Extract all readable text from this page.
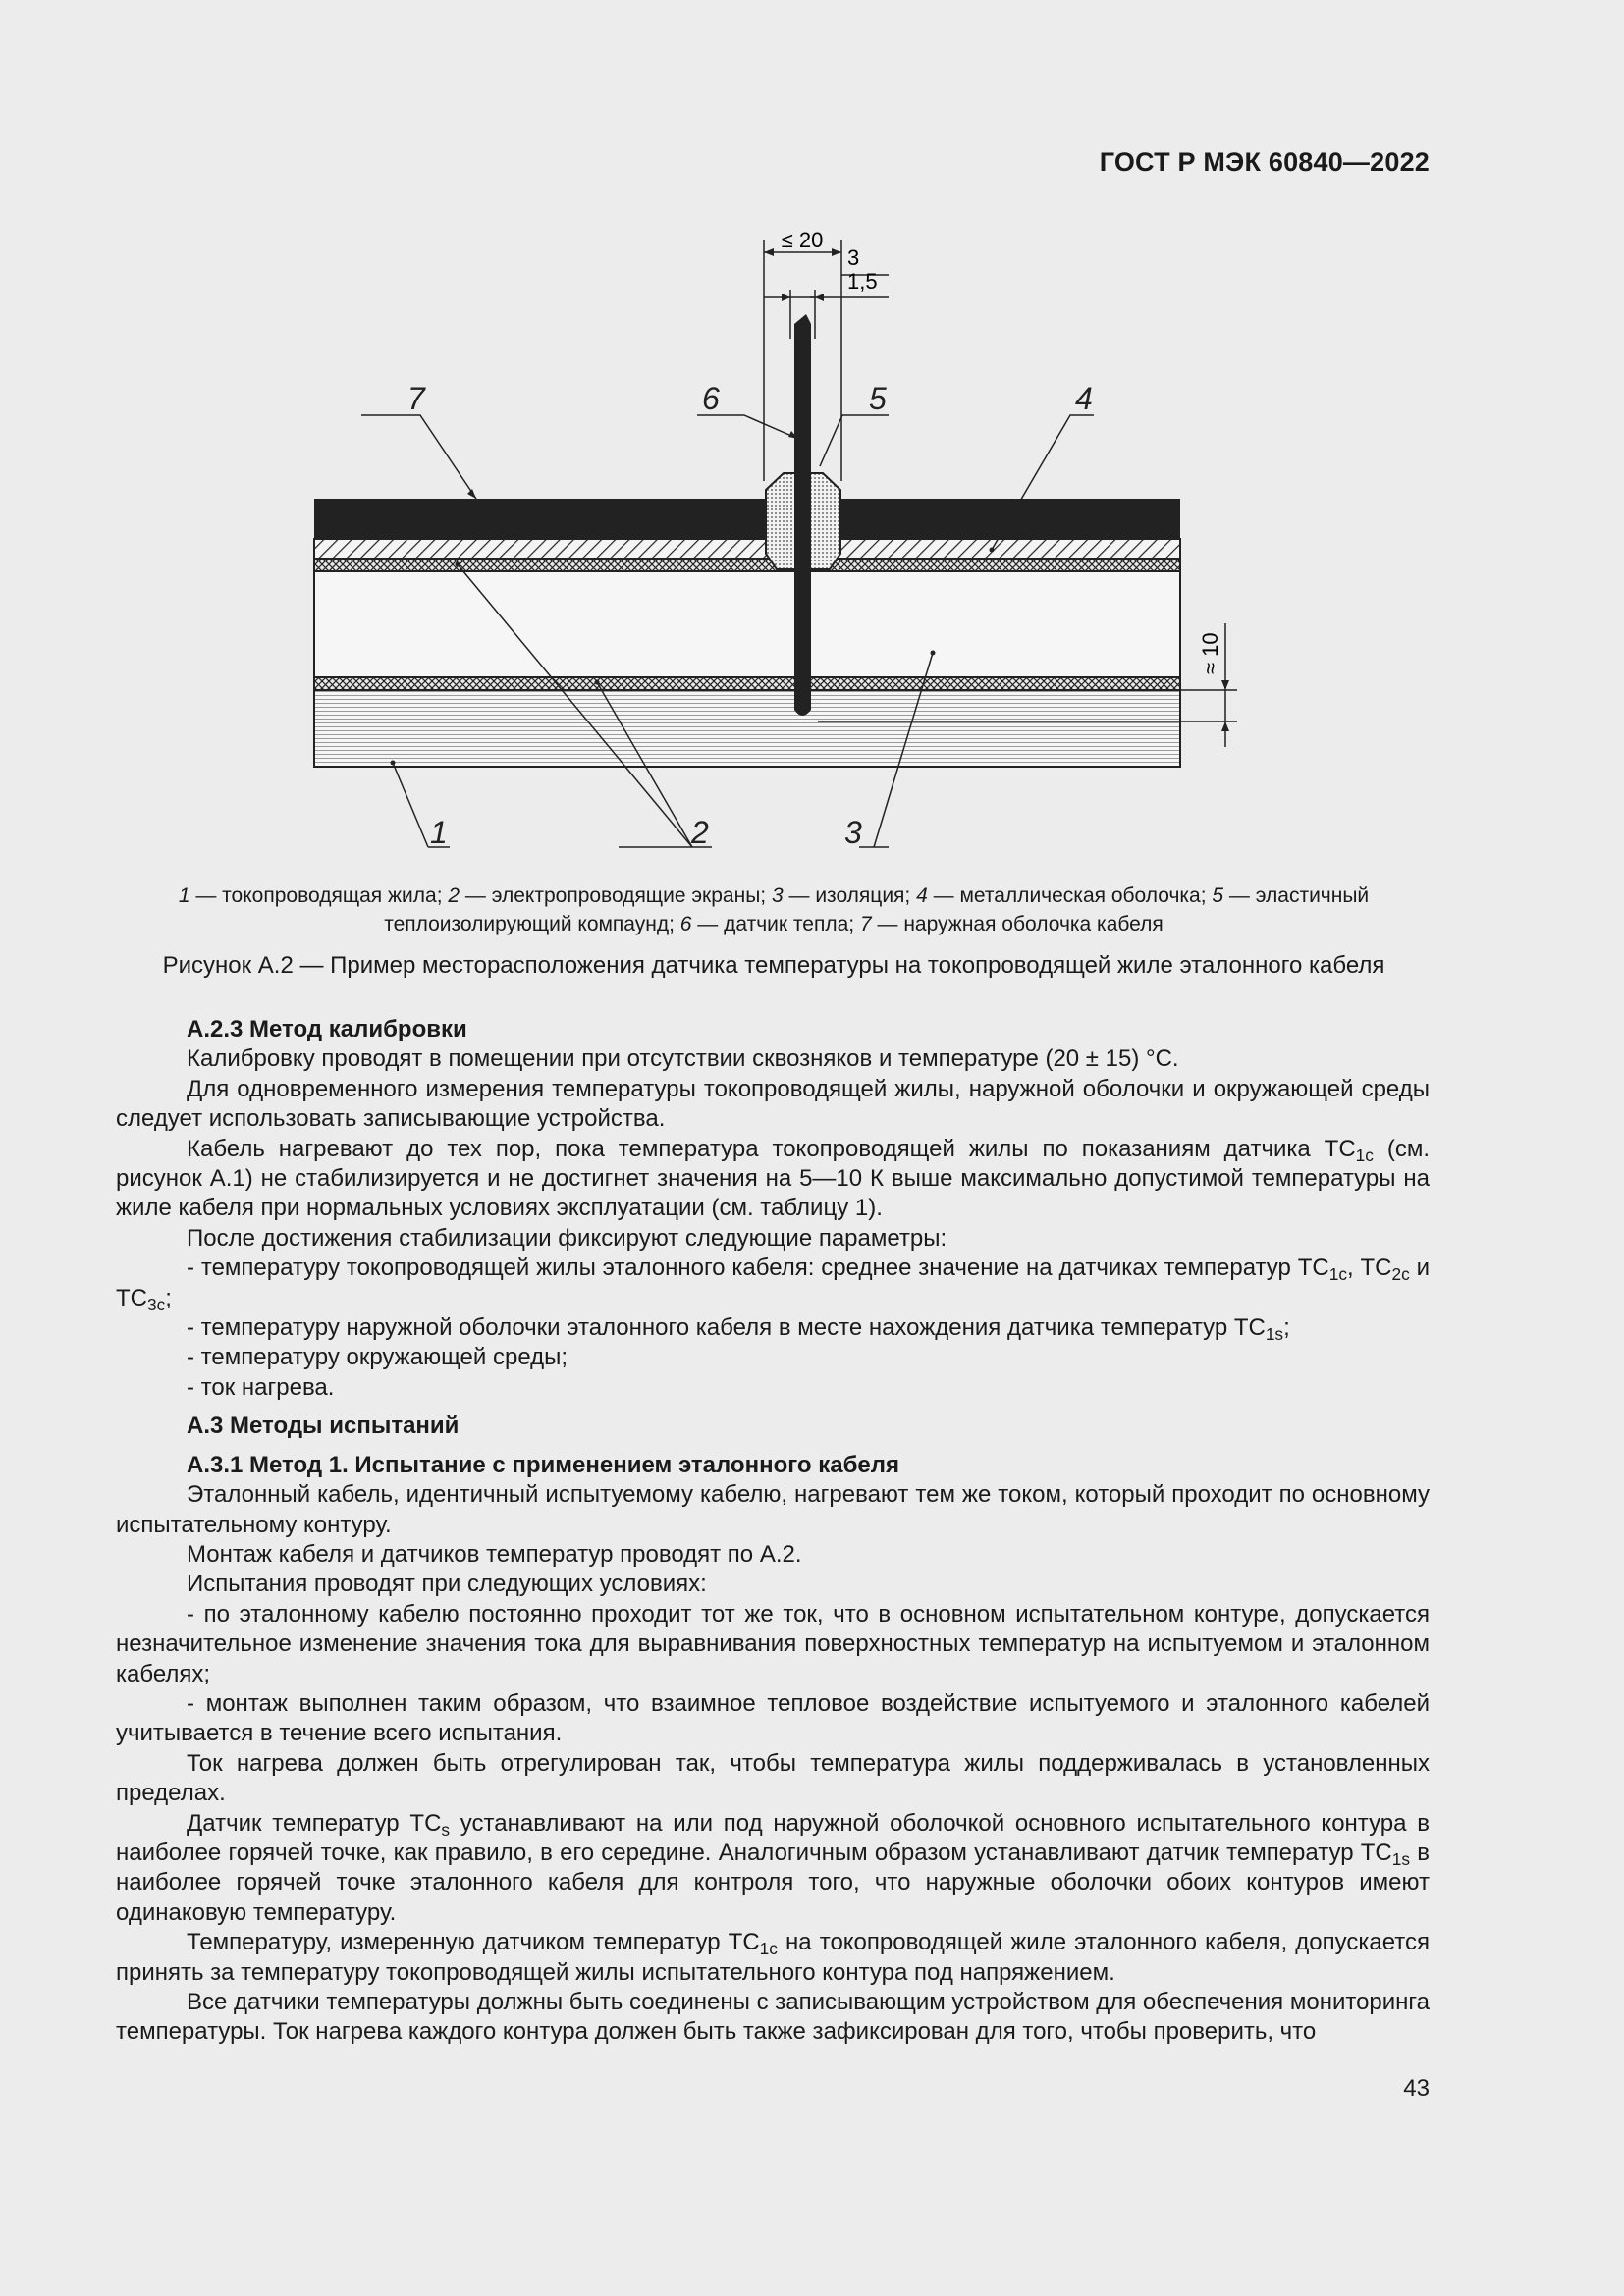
ГОСТ Р МЭК 60840—2022
≤ 20
3
1,5
≈ 10
7	6	5	4
1	2	3
1 — токопроводящая жила; 2 — электропроводящие экраны; 3 — изоляция; 4 — металлическая оболочка; 5 — эластичный теплоизолирующий компаунд; 6 — датчик тепла; 7 — наружная оболочка кабеля
Рисунок А.2 — Пример месторасположения датчика температуры на токопроводящей жиле эталонного кабеля

А.2.3 Метод калибровки

Калибровку проводят в помещении при отсутствии сквозняков и температуре (20 ± 15) °С.

Для одновременного измерения температуры токопроводящей жилы, наружной оболочки и окружающей среды следует использовать записывающие устройства.

Кабель нагревают до тех пор, пока температура токопроводящей жилы по показаниям датчика $ТС_{1c}$ (см. рисунок А.1) не стабилизируется и не достигнет значения на 5—10 К выше максимально допустимой температуры на жиле кабеля при нормальных условиях эксплуатации (см. таблицу 1).

После достижения стабилизации фиксируют следующие параметры:

- температуру токопроводящей жилы эталонного кабеля: среднее значение на датчиках температур $ТС_{1c}$, $ТС_{2c}$ и $ТС_{3c}$;

- температуру наружной оболочки эталонного кабеля в месте нахождения датчика температур $ТС_{1s}$;

- температуру окружающей среды;

- ток нагрева.

А.3 Методы испытаний

А.3.1 Метод 1. Испытание с применением эталонного кабеля

Эталонный кабель, идентичный испытуемому кабелю, нагревают тем же током, который проходит по основному испытательному контуру.

Монтаж кабеля и датчиков температур проводят по А.2.

Испытания проводят при следующих условиях:

- по эталонному кабелю постоянно проходит тот же ток, что в основном испытательном контуре, допускается незначительное изменение значения тока для выравнивания поверхностных температур на испытуемом и эталонном кабелях;

- монтаж выполнен таким образом, что взаимное тепловое воздействие испытуемого и эталонного кабелей учитывается в течение всего испытания.

Ток нагрева должен быть отрегулирован так, чтобы температура жилы поддерживалась в установленных пределах.

Датчик температур $ТС_s$ устанавливают на или под наружной оболочкой основного испытательного контура в наиболее горячей точке, как правило, в его середине. Аналогичным образом устанавливают датчик температур $ТС_{1s}$ в наиболее горячей точке эталонного кабеля для контроля того, что наружные оболочки обоих контуров имеют одинаковую температуру.

Температуру, измеренную датчиком температур $ТС_{1c}$ на токопроводящей жиле эталонного кабеля, допускается принять за температуру токопроводящей жилы испытательного контура под напряжением.

Все датчики температуры должны быть соединены с записывающим устройством для обеспечения мониторинга температуры. Ток нагрева каждого контура должен быть также зафиксирован для того, чтобы проверить, что

43
